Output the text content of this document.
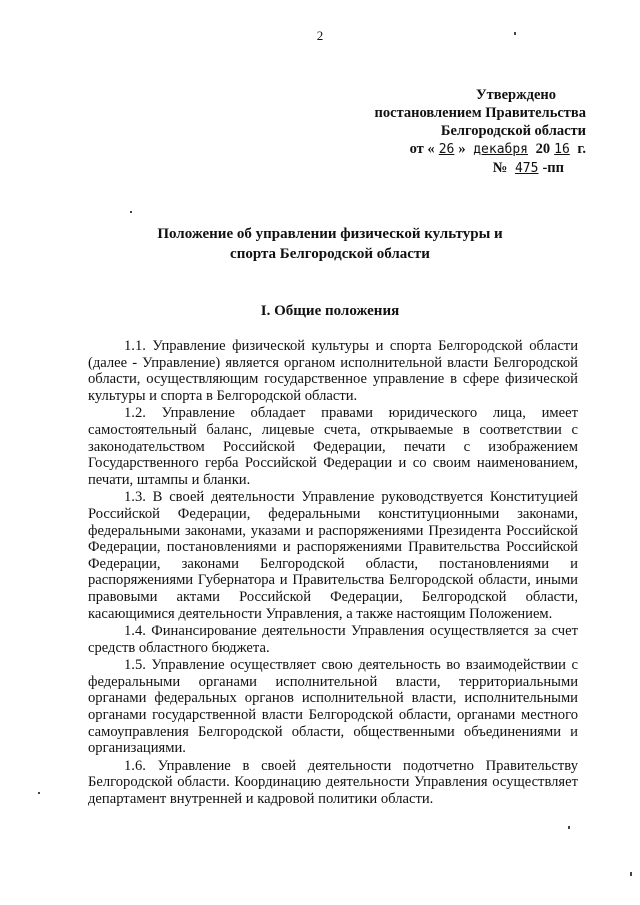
2
Утверждено
постановлением Правительства
Белгородской области
от « 26 » декабря 20 16 г.
№ 475 -пп
Положение об управлении физической культуры и
спорта Белгородской области
I. Общие положения

1.1. Управление физической культуры и спорта Белгородской области (далее - Управление) является органом исполнительной власти Белгородской области, осуществляющим государственное управление в сфере физической культуры и спорта в Белгородской области.

1.2. Управление обладает правами юридического лица, имеет самостоятельный баланс, лицевые счета, открываемые в соответствии с законодательством Российской Федерации, печати с изображением Государственного герба Российской Федерации и со своим наименованием, печати, штампы и бланки.

1.3. В своей деятельности Управление руководствуется Конституцией Российской Федерации, федеральными конституционными законами, федеральными законами, указами и распоряжениями Президента Российской Федерации, постановлениями и распоряжениями Правительства Российской Федерации, законами Белгородской области, постановлениями и распоряжениями Губернатора и Правительства Белгородской области, иными правовыми актами Российской Федерации, Белгородской области, касающимися деятельности Управления, а также настоящим Положением.

1.4. Финансирование деятельности Управления осуществляется за счет средств областного бюджета.

1.5. Управление осуществляет свою деятельность во взаимодействии с федеральными органами исполнительной власти, территориальными органами федеральных органов исполнительной власти, исполнительными органами государственной власти Белгородской области, органами местного самоуправления Белгородской области, общественными объединениями и организациями.

1.6. Управление в своей деятельности подотчетно Правительству Белгородской области. Координацию деятельности Управления осуществляет департамент внутренней и кадровой политики области.
